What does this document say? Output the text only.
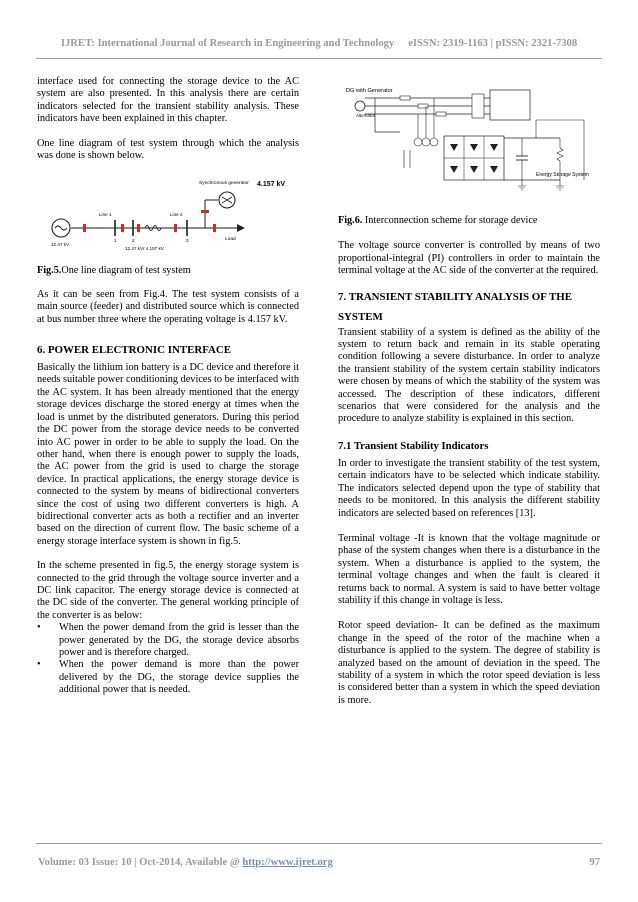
IJRET: International Journal of Research in Engineering and Technology eISSN: 2319-1163 | pISSN: 2321-7308

interface used for connecting the storage device to the AC system are also presented. In this analysis there are certain indicators selected for the transient stability analysis. These indicators have been explained in this chapter.

One line diagram of test system through which the analysis was done is shown below.

12.47 kV
Line 1	Line 2
1	2	3
12.47 kV/ 4.157 kV
Synchronous generator 4.157 kV
Load

Fig.5.One line diagram of test system

As it can be seen from Fig.4. The test system consists of a main source (feeder) and distributed source which is connected at bus number three where the operating voltage is 4.157 kV.

6. POWER ELECTRONIC INTERFACE

Basically the lithium ion battery is a DC device and therefore it needs suitable power conditioning devices to be interfaced with the AC system. It has been already mentioned that the energy storage devices discharge the stored energy at times when the load is unmet by the distributed generators. During this period the DC power from the storage device needs to be converted into AC power in order to be able to supply the load. On the other hand, when there is enough power to supply the loads, the AC power from the grid is used to charge the storage device. In practical applications, the energy storage device is connected to the system by means of bidirectional converters since the cost of using two different converters is high. A bidirectional converter acts as both a rectifier and an inverter based on the direction of current flow. The basic scheme of a energy storage interface system is shown in fig.5.

In the scheme presented in fig.5, the energy storage system is connected to the grid through the voltage source inverter and a DC link capacitor. The energy storage device is connected at the DC side of the converter. The general working principle of the converter is as below:

• When the power demand from the grid is lesser than the power generated by the DG, the storage device absorbs power and is therefore charged.
• When the power demand is more than the power delivered by the DG, the storage device supplies the additional power that is needed.
DG with Generator
Alternator
Energy Storage System

Fig.6. Interconnection scheme for storage device

The voltage source converter is controlled by means of two proportional-integral (PI) controllers in order to maintain the terminal voltage at the AC side of the converter at the required.

7. TRANSIENT STABILITY ANALYSIS OF THE
SYSTEM

Transient stability of a system is defined as the ability of the system to return back and remain in its stable operating condition following a severe disturbance. In order to analyze the transient stability of the system certain stability indicators were chosen by means of which the stability of the system was accessed. The description of these indicators, different scenarios that were considered for the analysis and the procedure to analyze stability is explained in this section.

7.1 Transient Stability Indicators

In order to investigate the transient stability of the test system, certain indicators have to be selected which indicate stability. The indicators selected depend upon the type of stability that needs to be monitored. In this analysis the different stability indicators are selected based on references [13].

Terminal voltage -It is known that the voltage magnitude or phase of the system changes when there is a disturbance in the system. When a disturbance is applied to the system, the terminal voltage changes and when the fault is cleared it returns back to normal. A system is said to have better voltage stability if this change in voltage is less.

Rotor speed deviation- It can be defined as the maximum change in the speed of the rotor of the machine when a disturbance is applied to the system. The degree of stability is analyzed based on the amount of deviation in the speed. The stability of a system in which the rotor speed deviation is less is considered better than a system in which the speed deviation is more.

Volume: 03 Issue: 10 | Oct-2014, Available @ http://www.ijret.org	97
